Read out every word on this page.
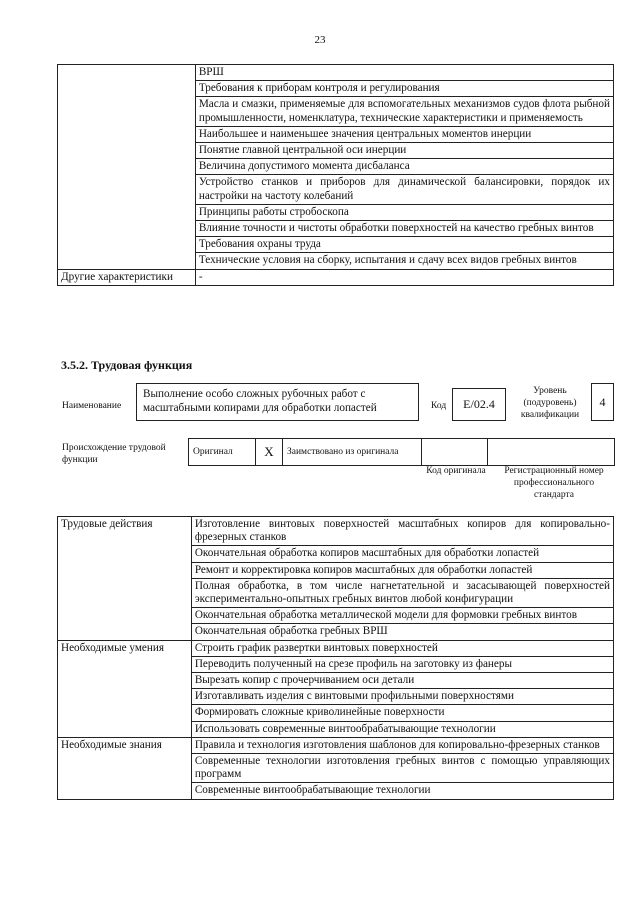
23
	ВРШ
	Требования к приборам контроля и регулирования
	Масла и смазки, применяемые для вспомогательных механизмов судов флота рыбной промышленности, номенклатура, технические характеристики и применяемость
	Наибольшее и наименьшее значения центральных моментов инерции
	Понятие главной центральной оси инерции
	Величина допустимого момента дисбаланса
	Устройство станков и приборов для динамической балансировки, порядок их настройки на частоту колебаний
	Принципы работы стробоскопа
	Влияние точности и чистоты обработки поверхностей на качество гребных винтов
	Требования охраны труда
	Технические условия на сборку, испытания и сдачу всех видов гребных винтов
Другие характеристики	-
3.5.2. Трудовая функция
Наименование
Выполнение особо сложных рубочных работ с масштабными копирами для обработки лопастей	Код	E/02.4
Уровень (подуровень) квалификации
4
Происхождение трудовой функции
Оригинал	X	Заимствовано из оригинала		
Код оригинала	Регистрационный номер профессионального стандарта
Трудовые действия	Изготовление винтовых поверхностей масштабных копиров для копировально-фрезерных станков
	Окончательная обработка копиров масштабных для обработки лопастей
	Ремонт и корректировка копиров масштабных для обработки лопастей
	Полная обработка, в том числе нагнетательной и засасывающей поверхностей экспериментально-опытных гребных винтов любой конфигурации
	Окончательная обработка металлической модели для формовки гребных винтов
	Окончательная обработка гребных ВРШ
Необходимые умения	Строить график развертки винтовых поверхностей
	Переводить полученный на срезе профиль на заготовку из фанеры
	Вырезать копир с прочерчиванием оси детали
	Изготавливать изделия с винтовыми профильными поверхностями
	Формировать сложные криволинейные поверхности
	Использовать современные винтообрабатывающие технологии
Необходимые знания	Правила и технология изготовления шаблонов для копировально-фрезерных станков
	Современные технологии изготовления гребных винтов с помощью управляющих программ
	Современные винтообрабатывающие технологии
